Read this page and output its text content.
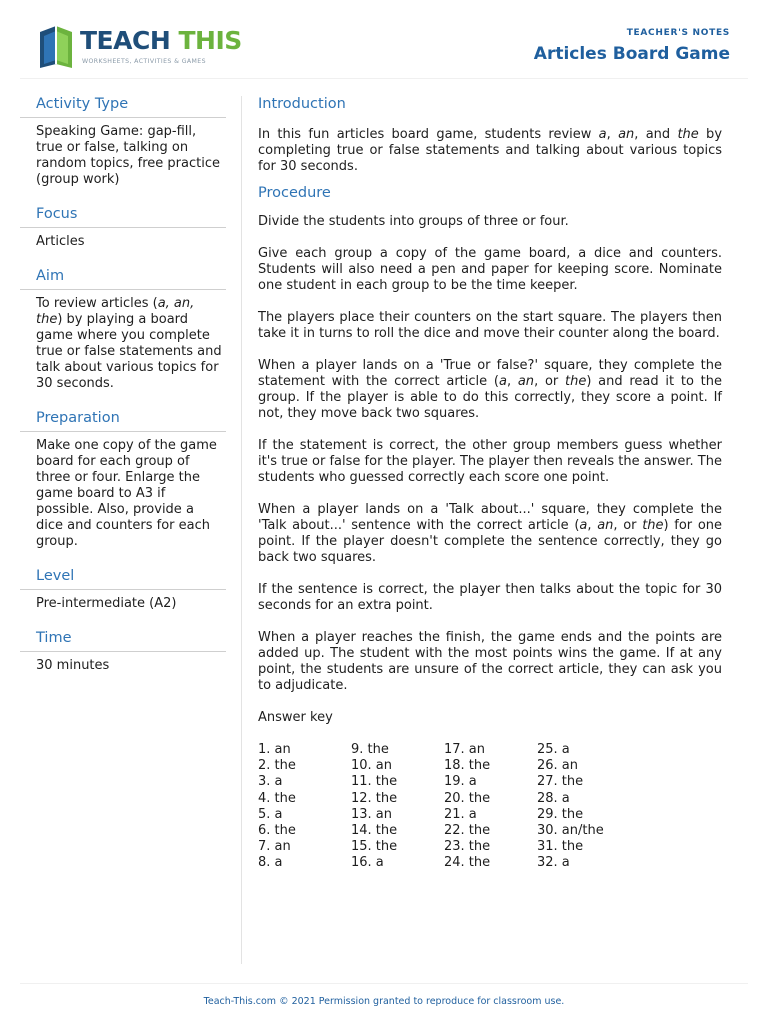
TEACH THIS
WORKSHEETS, ACTIVITIES & GAMES
TEACHER'S NOTES
Articles Board Game
Activity Type
Speaking Game: gap-fill, true or false, talking on random topics, free practice (group work)
Focus
Articles
Aim
To review articles (a, an, the) by playing a board game where you complete true or false statements and talk about various topics for 30 seconds.
Preparation
Make one copy of the game board for each group of three or four. Enlarge the game board to A3 if possible. Also, provide a dice and counters for each group.
Level
Pre-intermediate (A2)
Time
30 minutes
Introduction

In this fun articles board game, students review a, an, and the by completing true or false statements and talking about various topics for 30 seconds.

Procedure

Divide the students into groups of three or four.

Give each group a copy of the game board, a dice and counters. Students will also need a pen and paper for keeping score. Nominate one student in each group to be the time keeper.

The players place their counters on the start square. The players then take it in turns to roll the dice and move their counter along the board.

When a player lands on a 'True or false?' square, they complete the statement with the correct article (a, an, or the) and read it to the group. If the player is able to do this correctly, they score a point. If not, they move back two squares.

If the statement is correct, the other group members guess whether it's true or false for the player. The player then reveals the answer. The students who guessed correctly each score one point.

When a player lands on a 'Talk about...' square, they complete the 'Talk about...' sentence with the correct article (a, an, or the) for one point. If the player doesn't complete the sentence correctly, they go back two squares.

If the sentence is correct, the player then talks about the topic for 30 seconds for an extra point.

When a player reaches the finish, the game ends and the points are added up. The student with the most points wins the game. If at any point, the students are unsure of the correct article, they can ask you to adjudicate.

Answer key
1. an
2. the
3. a
4. the
5. a
6. the
7. an
8. a
9. the
10. an
11. the
12. the
13. an
14. the
15. the
16. a
17. an
18. the
19. a
20. the
21. a
22. the
23. the
24. the
25. a
26. an
27. the
28. a
29. the
30. an/the
31. the
32. a
Teach-This.com © 2021 Permission granted to reproduce for classroom use.
